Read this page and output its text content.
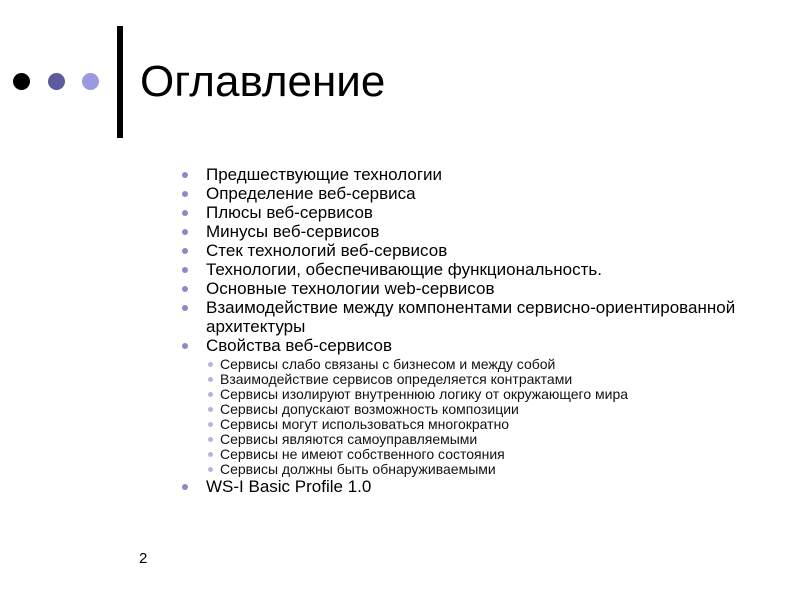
Оглавление
Предшествующие технологии
Определение веб-сервиса
Плюсы веб-сервисов
Минусы веб-сервисов
Стек технологий веб-сервисов
Технологии, обеспечивающие функциональность.
Основные технологии web-сервисов
Взаимодействие между компонентами сервисно-ориентированной архитектуры
Свойства веб-сервисов
Сервисы слабо связаны с бизнесом и между собой
Взаимодействие сервисов определяется контрактами
Сервисы изолируют внутреннюю логику от окружающего мира
Сервисы допускают возможность композиции
Сервисы могут использоваться многократно
Сервисы являются самоуправляемыми
Сервисы не имеют собственного состояния
Сервисы должны быть обнаруживаемыми
WS-I Basic Profile 1.0
2
